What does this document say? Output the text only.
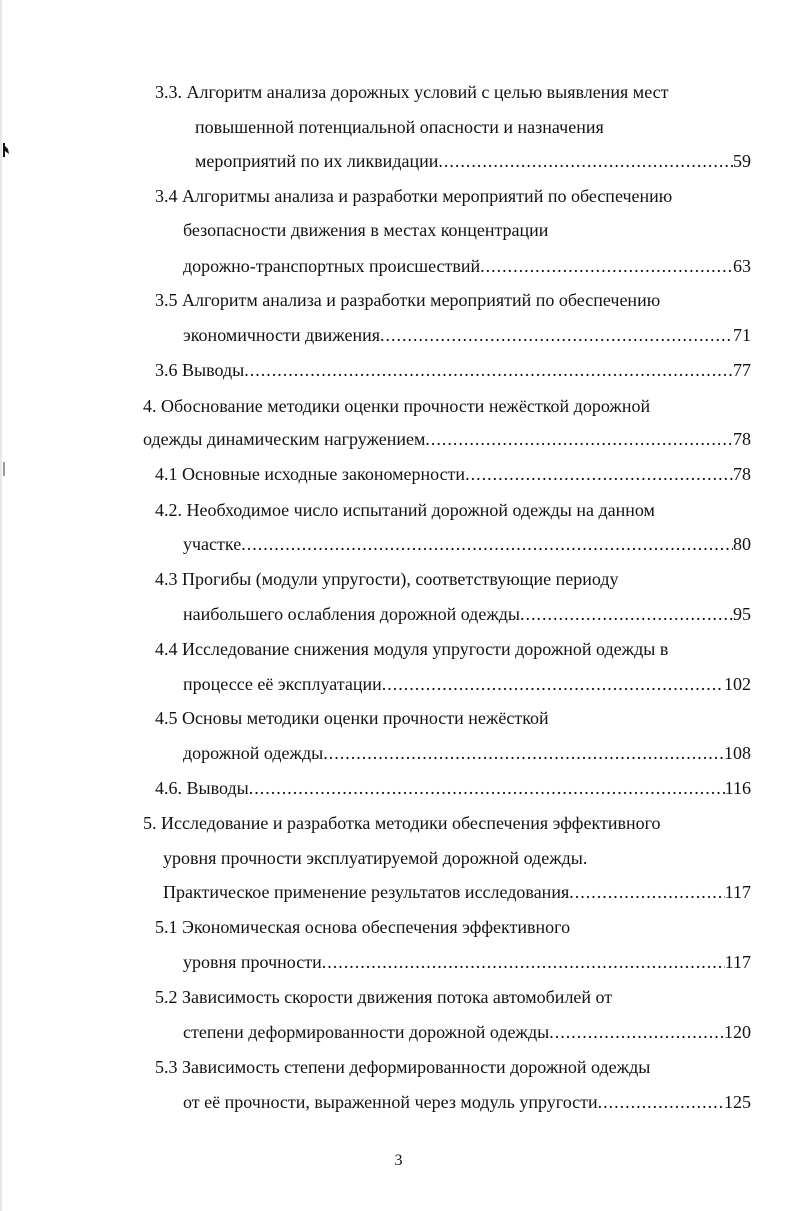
3.3. Алгоритм анализа дорожных условий с целью выявления мест
повышенной потенциальной опасности и назначения
мероприятий по их ликвидации .....	59
3.4 Алгоритмы анализа и разработки мероприятий по обеспечению
безопасности движения в местах концентрации
дорожно-транспортных происшествий .....	63
3.5 Алгоритм анализа и разработки мероприятий по обеспечению
экономичности движения .....	71
3.6 Выводы .....	77
4. Обоснование методики оценки прочности нежёсткой дорожной
одежды динамическим нагружением .....	78
4.1 Основные исходные закономерности .....	78
4.2. Необходимое число испытаний дорожной одежды на данном
участке .....	80
4.3 Прогибы (модули упругости), соответствующие периоду
наибольшего ослабления дорожной одежды .....	95
4.4 Исследование снижения модуля упругости дорожной одежды в
процессе её эксплуатации .....	102
4.5 Основы методики оценки прочности нежёсткой
дорожной одежды .....	108
4.6. Выводы .....	116
5. Исследование и разработка методики обеспечения эффективного
уровня прочности эксплуатируемой дорожной одежды.
Практическое применение результатов исследования .....	117
5.1 Экономическая основа обеспечения эффективного
уровня прочности .....	117
5.2 Зависимость скорости движения потока автомобилей от
степени деформированности дорожной одежды .....	120
5.3 Зависимость степени деформированности дорожной одежды
от её прочности, выраженной через модуль упругости .....	125
3
